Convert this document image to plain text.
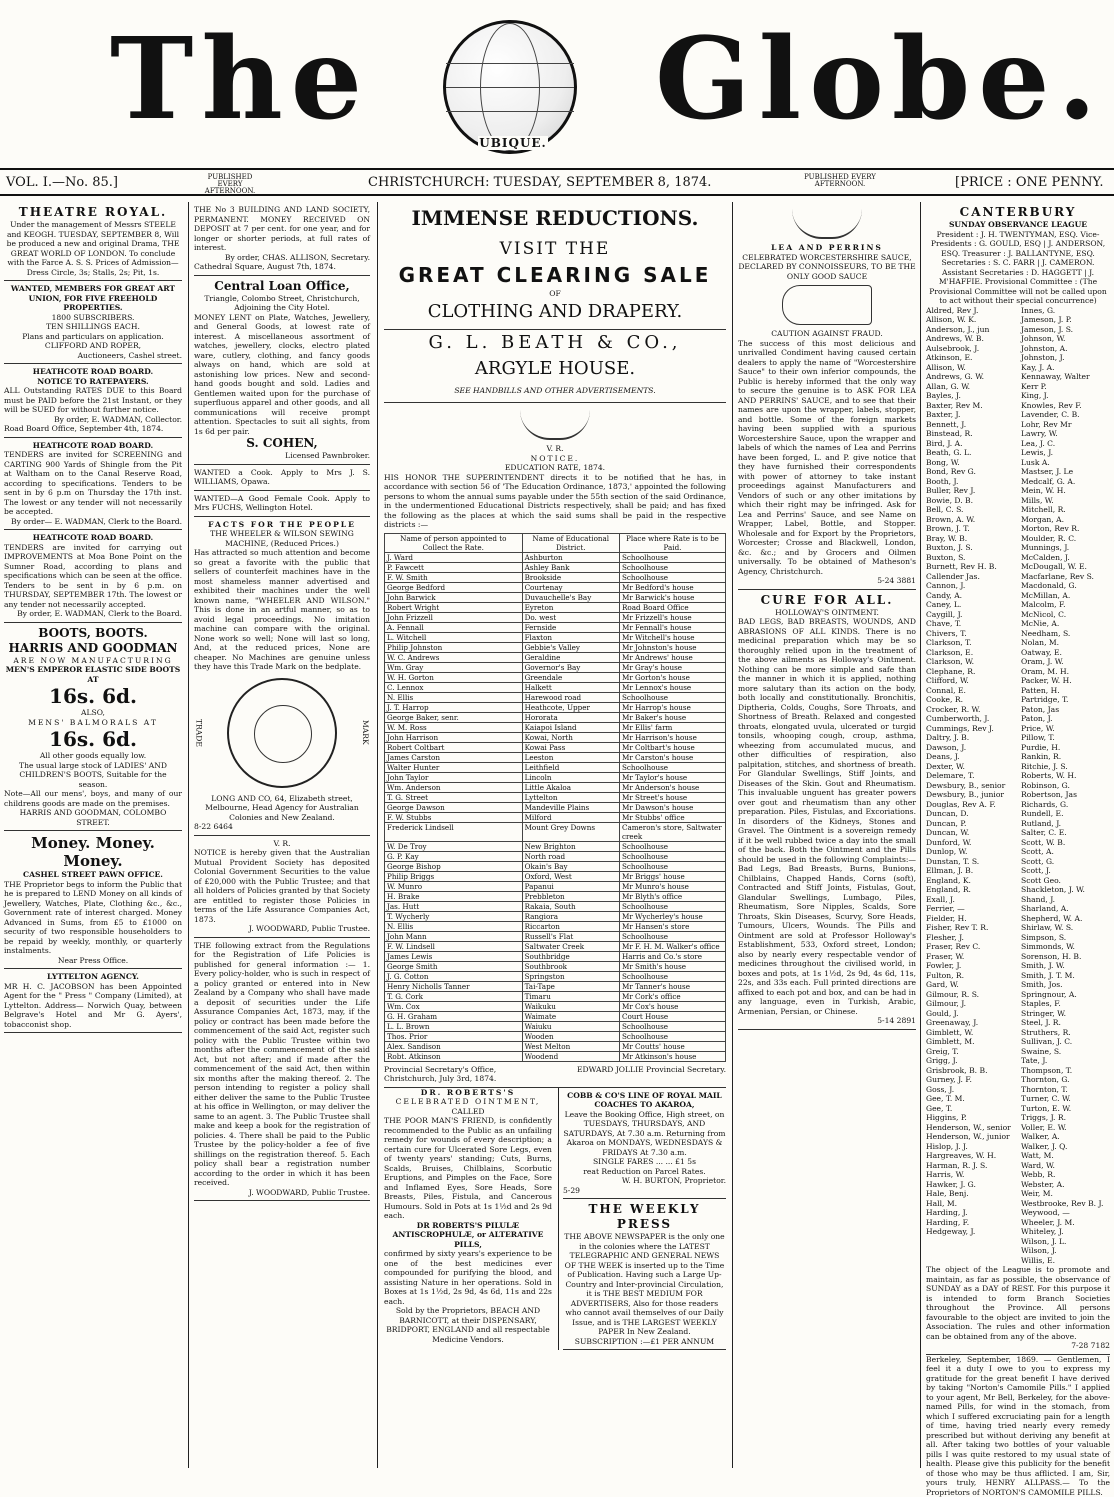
The	UBIQUE. Globe.
VOL. I.—No. 85.]	PUBLISHED EVERY AFTERNOON.
CHRISTCHURCH: TUESDAY, SEPTEMBER 8, 1874.	PUBLISHED EVERY AFTERNOON.	[PRICE : ONE PENNY.
THEATRE ROYAL.
Under the management of Messrs STEELE and KEOGH. TUESDAY, SEPTEMBER 8, Will be produced a new and original Drama, THE GREAT WORLD OF LONDON. To conclude with the Farce A. S. S. Prices of Admission—Dress Circle, 3s; Stalls, 2s; Pit, 1s.
WANTED, MEMBERS FOR GREAT ART UNION, FOR FIVE FREEHOLD PROPERTIES.
1800 SUBSCRIBERS.
TEN SHILLINGS EACH.
Plans and particulars on application.
CLIFFORD AND ROPER,
Auctioneers, Cashel street.
HEATHCOTE ROAD BOARD.
NOTICE TO RATEPAYERS.
ALL Outstanding RATES DUE to this Board must be PAID before the 21st Instant, or they will be SUED for without further notice.
By order, E. WADMAN, Collector.
Road Board Office, September 4th, 1874.
HEATHCOTE ROAD BOARD.
TENDERS are invited for SCREENING and CARTING 900 Yards of Shingle from the Pit at Waltham on to the Canal Reserve Road, according to specifications. Tenders to be sent in by 6 p.m on Thursday the 17th inst. The lowest or any tender will not necessarily be accepted.
By order— E. WADMAN, Clerk to the Board.
HEATHCOTE ROAD BOARD.
TENDERS are invited for carrying out IMPROVEMENTS at Moa Bone Point on the Sumner Road, according to plans and specifications which can be seen at the office. Tenders to be sent in by 6 p.m. on THURSDAY, SEPTEMBER 17th. The lowest or any tender not necessarily accepted.
By order, E. WADMAN, Clerk to the Board.
BOOTS, BOOTS.
HARRIS AND GOODMAN
ARE NOW MANUFACTURING
MEN'S EMPEROR ELASTIC SIDE BOOTS AT
16s. 6d.
ALSO,
MENS' BALMORALS AT
16s. 6d.
All other goods equally low.
The usual large stock of LADIES' AND CHILDREN'S BOOTS, Suitable for the season.
Note—All our mens', boys, and many of our childrens goods are made on the premises.
HARRIS AND GOODMAN, COLOMBO STREET.
Money. Money. Money.
CASHEL STREET PAWN OFFICE.
THE Proprietor begs to inform the Public that he is prepared to LEND Money on all kinds of Jewellery, Watches, Plate, Clothing &c., &c., Government rate of interest charged. Money Advanced in Sums, from £5 to £1000 on security of two responsible householders to be repaid by weekly, monthly, or quarterly instalments.
Near Press Office.
LYTTELTON AGENCY.
MR H. C. JACOBSON has been Appointed Agent for the " Press " Company (Limited), at Lyttelton. Address— Norwich Quay, between Belgrave's Hotel and Mr G. Ayers', tobacconist shop.
THE No 3 BUILDING AND LAND SOCIETY, PERMANENT. MONEY RECEIVED ON DEPOSIT at 7 per cent. for one year, and for longer or shorter periods, at full rates of interest.
By order, CHAS. ALLISON, Secretary.
Cathedral Square, August 7th, 1874.
Central Loan Office,
Triangle, Colombo Street, Christchurch, Adjoining the City Hotel.
MONEY LENT on Plate, Watches, Jewellery, and General Goods, at lowest rate of interest. A miscellaneous assortment of watches, jewellery, clocks, electro plated ware, cutlery, clothing, and fancy goods always on hand, which are sold at astonishing low prices. New and second-hand goods bought and sold. Ladies and Gentlemen waited upon for the purchase of superfluous apparel and other goods, and all communications will receive prompt attention. Spectacles to suit all sights, from 1s 6d per pair.
S. COHEN,
Licensed Pawnbroker.
WANTED a Cook. Apply to Mrs J. S. WILLIAMS, Opawa.
WANTED—A Good Female Cook. Apply to Mrs FUCHS, Wellington Hotel.
FACTS FOR THE PEOPLE
THE WHEELER & WILSON SEWING MACHINE, (Reduced Prices.)
Has attracted so much attention and become so great a favorite with the public that sellers of counterfeit machines have in the most shameless manner advertised and exhibited their machines under the well known name, "WHEELER AND WILSON." This is done in an artful manner, so as to avoid legal proceedings. No imitation machine can compare with the original. None work so well; None will last so long, And, at the reduced prices, None are cheaper. No Machines are genuine unless they have this Trade Mark on the bedplate.
TRADE	MARK
LONG AND CO, 64, Elizabeth street, Melbourne, Head Agency for Australian Colonies and New Zealand.
8-22 6464
V. R.
NOTICE is hereby given that the Australian Mutual Provident Society has deposited Colonial Government Securities to the value of £20,000 with the Public Trustee; and that all holders of Policies granted by that Society are entitled to register those Policies in terms of the Life Assurance Companies Act, 1873.
J. WOODWARD, Public Trustee.
THE following extract from the Regulations for the Registration of Life Policies is published for general information :— 1. Every policy-holder, who is such in respect of a policy granted or entered into in New Zealand by a Company who shall have made a deposit of securities under the Life Assurance Companies Act, 1873, may, if the policy or contract has been made before the commencement of the said Act, register such policy with the Public Trustee within two months after the commencement of the said Act, but not after; and if made after the commencement of the said Act, then within six months after the making thereof. 2. The person intending to register a policy shall either deliver the same to the Public Trustee at his office in Wellington, or may deliver the same to an agent. 3. The Public Trustee shall make and keep a book for the registration of policies. 4. There shall be paid to the Public Trustee by the policy-holder a fee of five shillings on the registration thereof. 5. Each policy shall bear a registration number according to the order in which it has been received.
J. WOODWARD, Public Trustee.
IMMENSE REDUCTIONS.
VISIT THE
GREAT CLEARING SALE
OF
CLOTHING AND DRAPERY.
G. L. BEATH & CO.,
ARGYLE HOUSE.
SEE HANDBILLS AND OTHER ADVERTISEMENTS.
V. R.
NOTICE.
EDUCATION RATE, 1874.
HIS HONOR THE SUPERINTENDENT directs it to be notified that he has, in accordance with section 56 of 'The Education Ordinance, 1873,' appointed the following persons to whom the annual sums payable under the 55th section of the said Ordinance, in the undermentioned Educational Districts respectively, shall be paid; and has fixed the following as the places at which the said sums shall be paid in the respective districts :—
Name of person appointed to Collect the Rate.	Name of Educational District.	Place where Rate is to be Paid.
J. Ward	Ashburton	Schoolhouse
P. Fawcett	Ashley Bank	Schoolhouse
F. W. Smith	Brookside	Schoolhouse
George Bedford	Courtenay	Mr Bedford's house
John Barwick	Duvauchelle's Bay	Mr Barwick's house
Robert Wright	Eyreton	Road Board Office
John Frizzell	Do. west	Mr Frizzell's house
A. Fennall	Fernside	Mr Fennall's house
L. Witchell	Flaxton	Mr Witchell's house
Philip Johnston	Gebbie's Valley	Mr Johnston's house
W. C. Andrews	Geraldine	Mr Andrews' house
Wm. Gray	Governor's Bay	Mr Gray's house
W. H. Gorton	Greendale	Mr Gorton's house
C. Lennox	Halkett	Mr Lennox's house
N. Ellis	Harewood road	Schoolhouse
J. T. Harrop	Heathcote, Upper	Mr Harrop's house
George Baker, senr.	Hororata	Mr Baker's house
W. M. Ross	Kaiapoi Island	Mr Ellis' farm
John Harrison	Kowai, North	Mr Harrison's house
Robert Coltbart	Kowai Pass	Mr Coltbart's house
James Carston	Leeston	Mr Carston's house
Walter Hunter	Leithfield	Schoolhouse
John Taylor	Lincoln	Mr Taylor's house
Wm. Anderson	Little Akaloa	Mr Anderson's house
T. G. Street	Lyttelton	Mr Street's house
George Dawson	Mandeville Plains	Mr Dawson's house
F. W. Stubbs	Milford	Mr Stubbs' office
Frederick Lindsell	Mount Grey Downs	Cameron's store, Saltwater creek
W. De Troy	New Brighton	Schoolhouse
G. P. Kay	North road	Schoolhouse
George Bishop	Okain's Bay	Schoolhouse
Philip Briggs	Oxford, West	Mr Briggs' house
W. Munro	Papanui	Mr Munro's house
H. Brake	Prebbleton	Mr Blyth's office
Jas. Hutt	Rakaia, South	Schoolhouse
T. Wycherly	Rangiora	Mr Wycherley's house
N. Ellis	Riccarton	Mr Hansen's store
John Mann	Russell's Flat	Schoolhouse
F. W. Lindsell	Saltwater Creek	Mr F. H. M. Walker's office
James Lewis	Southbridge	Harris and Co.'s store
George Smith	Southbrook	Mr Smith's house
J. G. Cotton	Springston	Schoolhouse
Henry Nicholls Tanner	Tai-Tape	Mr Tanner's house
T. G. Cork	Timaru	Mr Cork's office
Wm. Cox	Waikuku	Mr Cox's house
G. H. Graham	Waimate	Court House
L. L. Brown	Waiuku	Schoolhouse
Thos. Prior	Wooden	Schoolhouse
Alex. Sandison	West Melton	Mr Coutts' house
Robt. Atkinson	Woodend	Mr Atkinson's house
Provincial Secretary's Office, Christchurch, July 3rd, 1874.
EDWARD JOLLIE Provincial Secretary.
DR. ROBERTS'S
CELEBRATED OINTMENT,
CALLED
THE POOR MAN'S FRIEND, is confidently recommended to the Public as an unfailing remedy for wounds of every description; a certain cure for Ulcerated Sore Legs, even of twenty years' standing; Cuts, Burns, Scalds, Bruises, Chilblains, Scorbutic Eruptions, and Pimples on the Face, Sore and Inflamed Eyes, Sore Heads, Sore Breasts, Piles, Fistula, and Cancerous Humours. Sold in Pots at 1s 1½d and 2s 9d each.
DR ROBERTS'S PILULÆ ANTISCROPHULÆ, or ALTERATIVE PILLS,
confirmed by sixty years's experience to be one of the best medicines ever compounded for purifying the blood, and assisting Nature in her operations. Sold in Boxes at 1s 1½d, 2s 9d, 4s 6d, 11s and 22s each.
Sold by the Proprietors, BEACH AND BARNICOTT, at their DISPENSARY, BRIDPORT, ENGLAND and all respectable Medicine Vendors.
COBB & CO'S LINE OF ROYAL MAIL COACHES TO AKAROA,
Leave the Booking Office, High street, on TUESDAYS, THURSDAYS, AND SATURDAYS, At 7.30 a.m. Returning from Akaroa on MONDAYS, WEDNESDAYS & FRIDAYS At 7.30 a.m.
SINGLE FARES ... ... £1 5s
reat Reduction on Parcel Rates.
W. H. BURTON, Proprietor.
5-29
THE WEEKLY PRESS
THE ABOVE NEWSPAPER is the only one in the colonies where the LATEST TELEGRAPHIC AND GENERAL NEWS OF THE WEEK is inserted up to the Time of Publication. Having such a Large Up-Country and Inter-provincial Circulation, it is THE BEST MEDIUM FOR ADVERTISERS, Also for those readers who cannot avail themselves of our Daily Issue, and is THE LARGEST WEEKLY PAPER In New Zealand.
SUBSCRIPTION :—£1 PER ANNUM
LEA AND PERRINS
CELEBRATED WORCESTERSHIRE SAUCE, DECLARED BY CONNOISSEURS, TO BE THE ONLY GOOD SAUCE
CAUTION AGAINST FRAUD.
The success of this most delicious and unrivalled Condiment having caused certain dealers to apply the name of "Worcestershire Sauce" to their own inferior compounds, the Public is hereby informed that the only way to secure the genuine is to ASK FOR LEA AND PERRINS' SAUCE, and to see that their names are upon the wrapper, labels, stopper, and bottle. Some of the foreign markets having been supplied with a spurious Worcestershire Sauce, upon the wrapper and labels of which the names of Lea and Perrins have been forged, L. and P. give notice that they have furnished their correspondents with power of attorney to take instant proceedings against Manufacturers and Vendors of such or any other imitations by which their right may be infringed. Ask for Lea and Perrins' Sauce, and see Name on Wrapper, Label, Bottle, and Stopper. Wholesale and for Export by the Proprietors, Worcester; Crosse and Blackwell, London, &c. &c.; and by Grocers and Oilmen universally. To be obtained of Matheson's Agency, Christchurch.
5-24 3881
CURE FOR ALL.
HOLLOWAY'S OINTMENT.
BAD LEGS, BAD BREASTS, WOUNDS, AND ABRASIONS OF ALL KINDS. There is no medicinal preparation which may be so thoroughly relied upon in the treatment of the above ailments as Holloway's Ointment. Nothing can be more simple and safe than the manner in which it is applied, nothing more salutary than its action on the body, both locally and constitutionally. Bronchitis, Diptheria, Colds, Coughs, Sore Throats, and Shortness of Breath. Relaxed and congested throats, elongated uvula, ulcerated or turgid tonsils, whooping cough, croup, asthma, wheezing from accumulated mucus, and other difficulties of respiration, also palpitation, stitches, and shortness of breath. For Glandular Swellings, Stiff Joints, and Diseases of the Skin. Gout and Rheumatism. This invaluable unguent has greater powers over gout and rheumatism than any other preparation. Piles, Fistulas, and Excoriations. In disorders of the Kidneys, Stones and Gravel. The Ointment is a sovereign remedy if it be well rubbed twice a day into the small of the back. Both the Ointment and the Pills should be used in the following Complaints:— Bad Legs, Bad Breasts, Burns, Bunions, Chilblains, Chapped Hands, Corns (soft), Contracted and Stiff Joints, Fistulas, Gout, Glandular Swellings, Lumbago, Piles, Rheumatism, Sore Nipples, Scalds, Sore Throats, Skin Diseases, Scurvy, Sore Heads, Tumours, Ulcers, Wounds. The Pills and Ointment are sold at Professor Holloway's Establishment, 533, Oxford street, London; also by nearly every respectable vendor of medicines throughout the civilised world, in boxes and pots, at 1s 1½d, 2s 9d, 4s 6d, 11s, 22s, and 33s each. Full printed directions are affixed to each pot and box, and can be had in any language, even in Turkish, Arabic, Armenian, Persian, or Chinese.
5-14 2891
CANTERBURY
SUNDAY OBSERVANCE LEAGUE
President : J. H. TWENTYMAN, ESQ. Vice-Presidents : G. GOULD, ESQ | J. ANDERSON, ESQ. Treasurer : J. BALLANTYNE, ESQ. Secretaries : S. C. FARR | J. CAMERON. Assistant Secretaries : D. HAGGETT | J. M'HAFFIE. Provisional Committee : (The Provisional Committee will not be called upon to act without their special concurrence)
Aldred, Rev J.
Allison, W. K.
Anderson, J., jun
Andrews, W. B.
Aulsebrook, J.
Atkinson, E.
Allison, W.
Andrews, G. W.
Allan, G. W.
Bayles, J.
Baxter, Rev M.
Baxter, J.
Bennett, J.
Binstead, R.
Bird, J. A.
Beath, G. L.
Bong, W.
Bond, Rev G.
Booth, J.
Buller, Rev J.
Bowie, D. B.
Bell, C. S.
Brown, A. W.
Brown, J. T.
Bray, W. B.
Buxton, J. S.
Buxton, S.
Burnett, Rev H. B.
Callender Jas.
Cannon, J.
Candy, A.
Caney, L.
Caygill, J.
Chave, T.
Chivers, T.
Clarkson, T.
Clarkson, E.
Clarkson, W.
Clephane, R.
Clifford, W.
Connal, E.
Cooke, R.
Crocker, R. W.
Cumberworth, J.
Cummings, Rev J.
Daltry, J. B.
Dawson, J.
Deans, J.
Dexter, W.
Delemare, T.
Dewsbury, B., senior
Dewsbury, B., junior
Douglas, Rev A. F.
Duncan, D.
Duncan, P.
Duncan, W.
Dunford, W.
Dunlop, W.
Dunstan, T. S.
Ellman, J. B.
England, K.
England, R.
Exall, J.
Ferrier, —
Fielder, H.
Fisher, Rev T. R.
Flesher, J.
Fraser, Rev C.
Fraser, W.
Fowler, J.
Fulton, R.
Gard, W.
Gilmour, R. S.
Gilmour, J.
Gould, J.
Greenaway, J.
Gimblett, W.
Gimblett, M.
Greig, T.
Grigg, J.
Grisbrook, B. B.
Gurney, J. F.
Goss, J.
Gee, T. M.
Gee, T.
Higgins, P.
Henderson, W., senior
Henderson, W., junior
Hislop, J. J.
Hargreaves, W. H.
Harman, R. J. S.
Harris, W.
Hawker, J. G.
Hale, Benj.
Hall, M.
Harding, J.
Harding, F.
Hedgeway, J.
Innes, G.
Jameson, J. P.
Jameson, J. S.
Johnson, W.
Johnston, A.
Johnston, J.
Kay, J. A.
Kennaway, Walter
Kerr P.
King, J.
Knowles, Rev F.
Lavender, C. B.
Lohr, Rev Mr
Lawry, W.
Lea, J. C.
Lewis, J.
Lusk A.
Mastser, J. Le
Medcalf, G. A.
Mein, W. H.
Mills, W.
Mitchell, R.
Morgan, A.
Morton, Rev R.
Moulder, R. C.
Munnings, J.
McCalden, J.
McDougall, W. E.
Macfarlane, Rev S.
Macdonald, G.
McMillan, A.
Malcolm, F.
McNicol, C.
McNie, A.
Needham, S.
Nolan, M.
Oatway, E.
Oram, J. W.
Oram, M. H.
Packer, W. H.
Patten, H.
Partridge, T.
Paton, Jas
Paton, J.
Price, W.
Pillow, T.
Purdie, H.
Rankin, R.
Ritchie, J. S.
Roberts, W. H.
Robinson, G.
Robertson, Jas
Richards, G.
Rundell, E.
Rutland, J.
Salter, C. E.
Scott, W. B.
Scott, A.
Scott, G.
Scott, J.
Scott Geo.
Shackleton, J. W.
Shand, J.
Sharland, A.
Shepherd, W. A.
Shirlaw, W. S.
Simpson, S.
Simmonds, W.
Sorenson, H. B.
Smith, J. W.
Smith, J. T. M.
Smith, Jos.
Springnour, A.
Staples, F.
Stringer, W.
Steel, J. R.
Struthers, R.
Sullivan, J. C.
Swaine, S.
Tate, J.
Thompson, T.
Thornton, G.
Thornton, T.
Turner, C. W.
Turton, E. W.
Triggs, J. R.
Voller, E. W.
Walker, A.
Walker, J. Q.
Watt, M.
Ward, W.
Webb, R.
Webster, A.
Weir, M.
Westbrooke, Rev B. J.
Weywood, —
Wheeler, J. M.
Whiteley, J.
Wilson, J. L.
Wilson, J.
Willis, E.
The object of the League is to promote and maintain, as far as possible, the observance of SUNDAY as a DAY of REST. For this purpose it is intended to form Branch Societies throughout the Province. All persons favourable to the object are invited to join the Association. The rules and other information can be obtained from any of the above.
7-28 7182
Berkeley, September, 1869. — Gentlemen, I feel it a duty I owe to you to express my gratitude for the great benefit I have derived by taking "Norton's Camomile Pills." I applied to your agent, Mr Bell, Berkeley, for the above-named Pills, for wind in the stomach, from which I suffered excruciating pain for a length of time, having tried nearly every remedy prescribed but without deriving any benefit at all. After taking two bottles of your valuable pills I was quite restored to my usual state of health. Please give this publicity for the benefit of those who may be thus afflicted. I am, Sir, yours truly, HENRY ALLPASS.— To the Proprietors of NORTON'S CAMOMILE PILLS.
